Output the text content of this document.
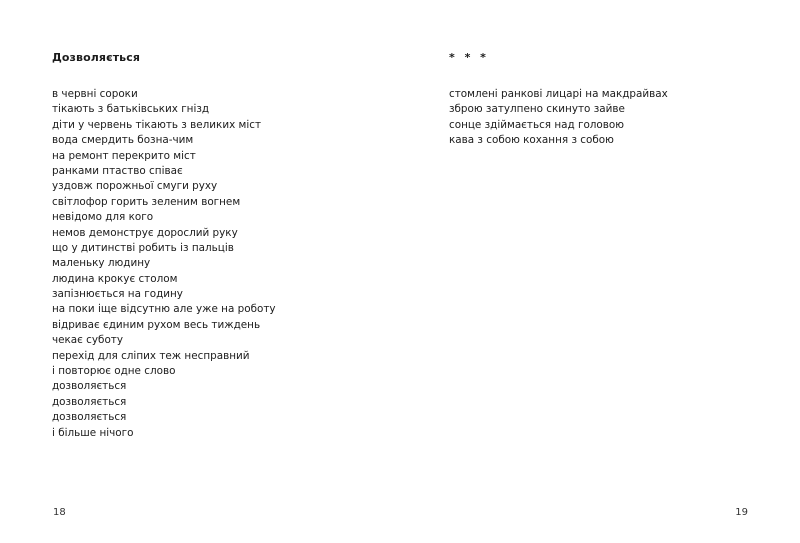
Дозволяється
в червні сороки
тікають з батьківських гнізд
діти у червень тікають з великих міст
вода смердить бозна-чим
на ремонт перекрито міст
ранками птаство співає
уздовж порожньої смуги руху
світлофор горить зеленим вогнем
невідомо для кого
немов демонструє дорослий руку
що у дитинстві робить із пальців
маленьку людину
людина крокує столом
запізнюється на годину
на поки іще відсутню але уже на роботу
відриває єдиним рухом весь тиждень
чекає суботу
перехід для сліпих теж несправний
і повторює одне слово
дозволяється
дозволяється
дозволяється
і більше нічого
18
* * *
стомлені ранкові лицарі на макдрайвах
зброю затулпено скинуто зайве
сонце здіймається над головою
кава з собою кохання з собою
19
